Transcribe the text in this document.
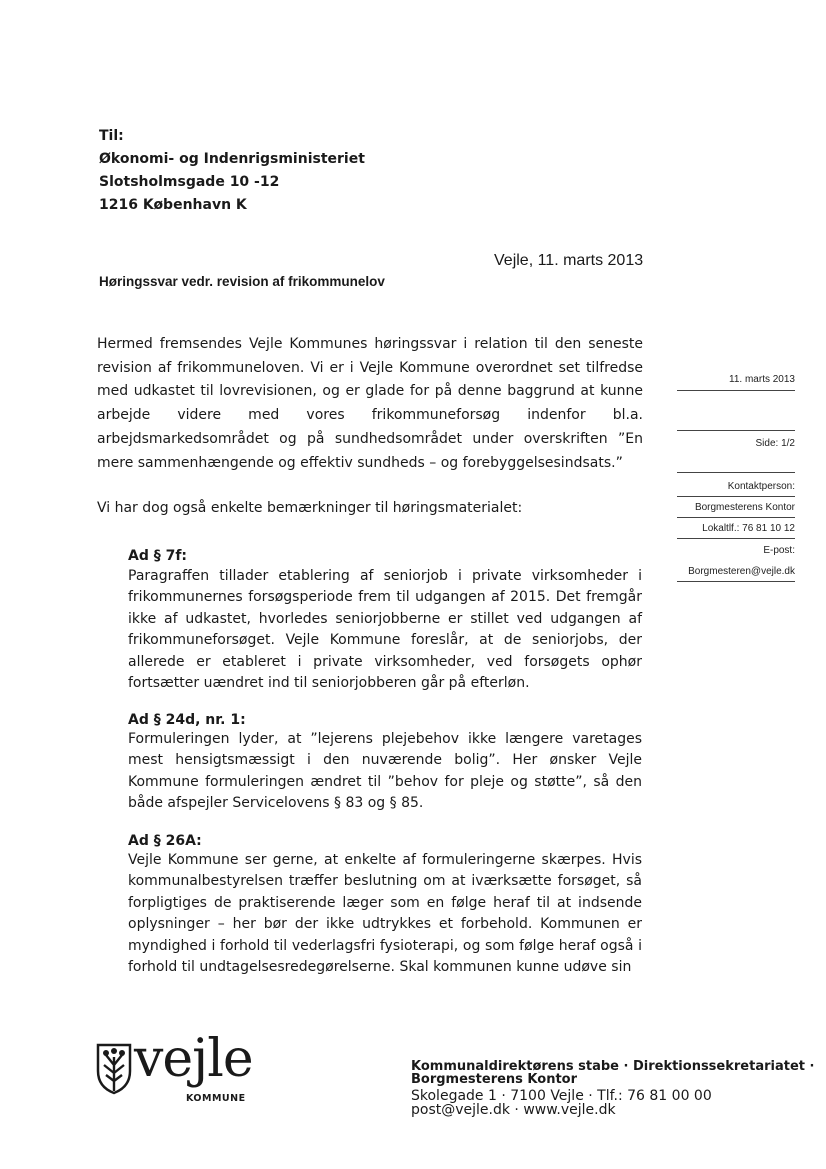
Til:
Økonomi- og Indenrigsministeriet
Slotsholmsgade 10 -12
1216 København K
Vejle, 11. marts 2013
Høringssvar vedr. revision af frikommunelov

Hermed fremsendes Vejle Kommunes høringssvar i relation til den seneste revision af frikommuneloven. Vi er i Vejle Kommune overordnet set tilfredse med udkastet til lovrevisionen, og er glade for på denne baggrund at kunne arbejde videre med vores frikommuneforsøg indenfor bl.a. arbejdsmarkedsområdet og på sundhedsområdet under overskriften ”En mere sammenhængende og effektiv sundheds – og forebyggelsesindsats.”

Vi har dog også enkelte bemærkninger til høringsmaterialet:

Ad § 7f:

Paragraffen tillader etablering af seniorjob i private virksomheder i frikommunernes forsøgsperiode frem til udgangen af 2015. Det fremgår ikke af udkastet, hvorledes seniorjobberne er stillet ved udgangen af frikommuneforsøget. Vejle Kommune foreslår, at de seniorjobs, der allerede er etableret i private virksomheder, ved forsøgets ophør fortsætter uændret ind til seniorjobberen går på efterløn.

Ad § 24d, nr. 1:

Formuleringen lyder, at ”lejerens plejebehov ikke længere varetages mest hensigtsmæssigt i den nuværende bolig”. Her ønsker Vejle Kommune formuleringen ændret til ”behov for pleje og støtte”, så den både afspejler Servicelovens § 83 og § 85.

Ad § 26A:

Vejle Kommune ser gerne, at enkelte af formuleringerne skærpes. Hvis kommunalbestyrelsen træffer beslutning om at iværksætte forsøget, så forpligtiges de praktiserende læger som en følge heraf til at indsende oplysninger – her bør der ikke udtrykkes et forbehold. Kommunen er myndighed i forhold til vederlagsfri fysioterapi, og som følge heraf også i forhold til undtagelsesredegørelserne. Skal kommunen kunne udøve sin

11. marts 2013
Side: 1/2
Kontaktperson:
Borgmesterens Kontor
Lokaltlf.: 76 81 10 12
E-post:
Borgmesteren@vejle.dk
vejle
KOMMUNE
Kommunaldirektørens stabe · Direktionssekretariatet ·
Borgmesterens Kontor
Skolegade 1 · 7100 Vejle · Tlf.: 76 81 00 00
post@vejle.dk · www.vejle.dk
